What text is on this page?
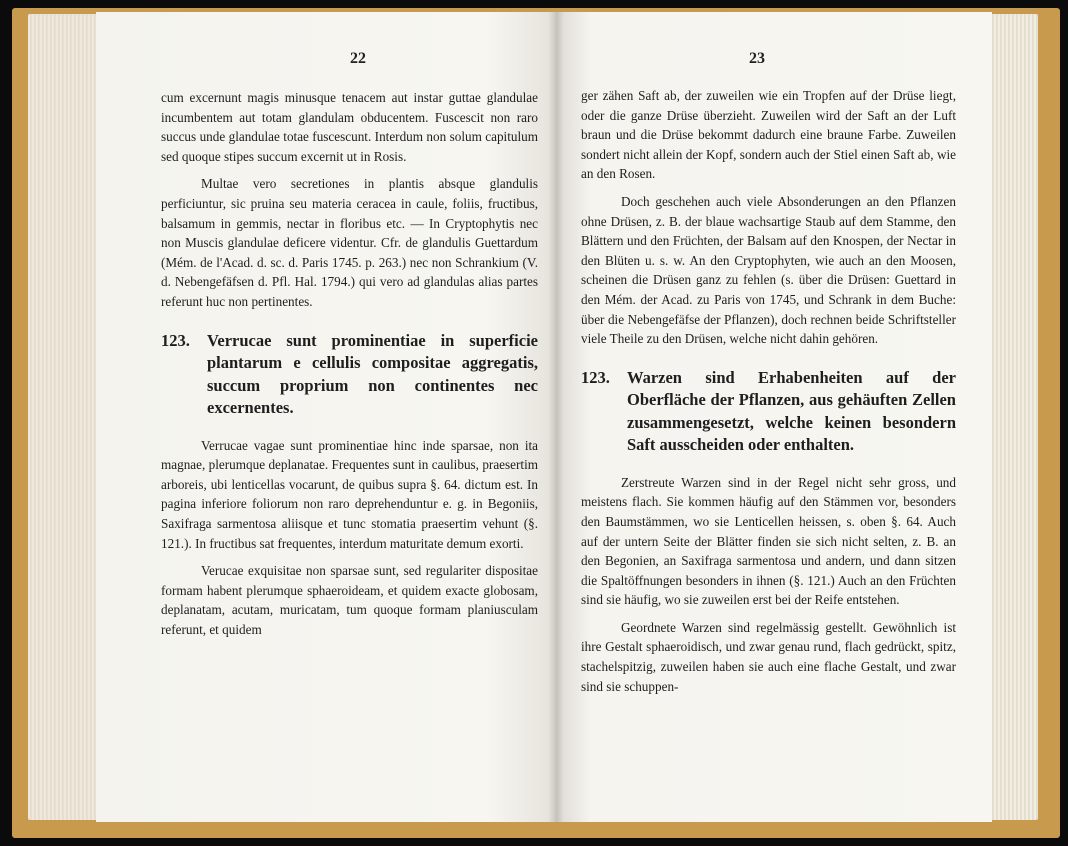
22

cum excernunt magis minusque tenacem aut instar guttae glandulae incumbentem aut totam glandulam obducentem. Fuscescit non raro succus unde glandulae totae fuscescunt. Interdum non solum capitulum sed quoque stipes succum excernit ut in Rosis.

Multae vero secretiones in plantis absque glandulis perficiuntur, sic pruina seu materia ceracea in caule, foliis, fructibus, balsamum in gemmis, nectar in floribus etc. — In Cryptophytis nec non Muscis glandulae deficere videntur. Cfr. de glandulis Guettardum (Mém. de l'Acad. d. sc. d. Paris 1745. p. 263.) nec non Schrankium (V. d. Nebengefäfsen d. Pfl. Hal. 1794.) qui vero ad glandulas alias partes referunt huc non pertinentes.

123.	Verrucae sunt prominentiae in superficie plantarum e cellulis compositae aggregatis, succum proprium non continentes nec excernentes.

Verrucae vagae sunt prominentiae hinc inde sparsae, non ita magnae, plerumque deplanatae. Frequentes sunt in caulibus, praesertim arboreis, ubi lenticellas vocarunt, de quibus supra §. 64. dictum est. In pagina inferiore foliorum non raro deprehenduntur e. g. in Begoniis, Saxifraga sarmentosa aliisque et tunc stomatia praesertim vehunt (§. 121.). In fructibus sat frequentes, interdum maturitate demum exorti.

Verucae exquisitae non sparsae sunt, sed regulariter dispositae formam habent plerumque sphaeroideam, et quidem exacte globosam, deplanatam, acutam, muricatam, tum quoque formam planiusculam referunt, et quidem

23

ger zähen Saft ab, der zuweilen wie ein Tropfen auf der Drüse liegt, oder die ganze Drüse überzieht. Zuweilen wird der Saft an der Luft braun und die Drüse bekommt dadurch eine braune Farbe. Zuweilen sondert nicht allein der Kopf, sondern auch der Stiel einen Saft ab, wie an den Rosen.

Doch geschehen auch viele Absonderungen an den Pflanzen ohne Drüsen, z. B. der blaue wachsartige Staub auf dem Stamme, den Blättern und den Früchten, der Balsam auf den Knospen, der Nectar in den Blüten u. s. w. An den Cryptophyten, wie auch an den Moosen, scheinen die Drüsen ganz zu fehlen (s. über die Drüsen: Guettard in den Mém. der Acad. zu Paris von 1745, und Schrank in dem Buche: über die Nebengefäfse der Pflanzen), doch rechnen beide Schriftsteller viele Theile zu den Drüsen, welche nicht dahin gehören.

123.	Warzen sind Erhabenheiten auf der Oberfläche der Pflanzen, aus gehäuften Zellen zusammengesetzt, welche keinen besondern Saft ausscheiden oder enthalten.

Zerstreute Warzen sind in der Regel nicht sehr gross, und meistens flach. Sie kommen häufig auf den Stämmen vor, besonders den Baumstämmen, wo sie Lenticellen heissen, s. oben §. 64. Auch auf der untern Seite der Blätter finden sie sich nicht selten, z. B. an den Begonien, an Saxifraga sarmentosa und andern, und dann sitzen die Spaltöffnungen besonders in ihnen (§. 121.) Auch an den Früchten sind sie häufig, wo sie zuweilen erst bei der Reife entstehen.

Geordnete Warzen sind regelmässig gestellt. Gewöhnlich ist ihre Gestalt sphaeroidisch, und zwar genau rund, flach gedrückt, spitz, stachelspitzig, zuweilen haben sie auch eine flache Gestalt, und zwar sind sie schuppen-
